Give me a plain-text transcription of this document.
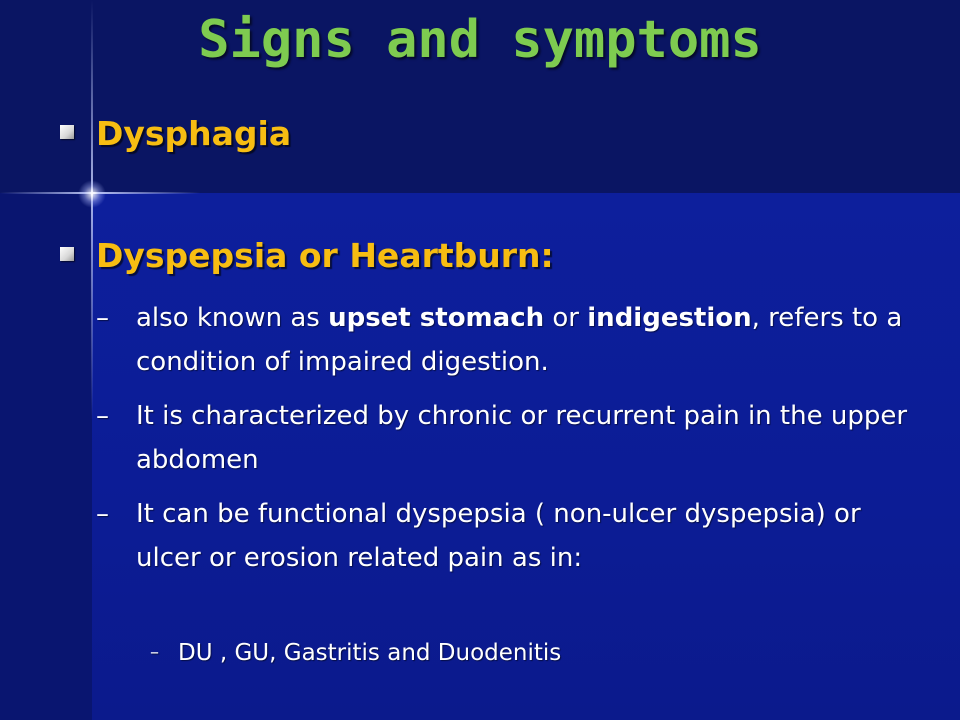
Signs and symptoms
Dysphagia
Dyspepsia or Heartburn:
–	also known as upset stomach or indigestion, refers to a condition of impaired digestion.
–	It is characterized by chronic or recurrent pain in the upper abdomen
–	It can be functional dyspepsia ( non-ulcer dyspepsia) or ulcer or erosion related pain as in:
– DU , GU, Gastritis and Duodenitis
